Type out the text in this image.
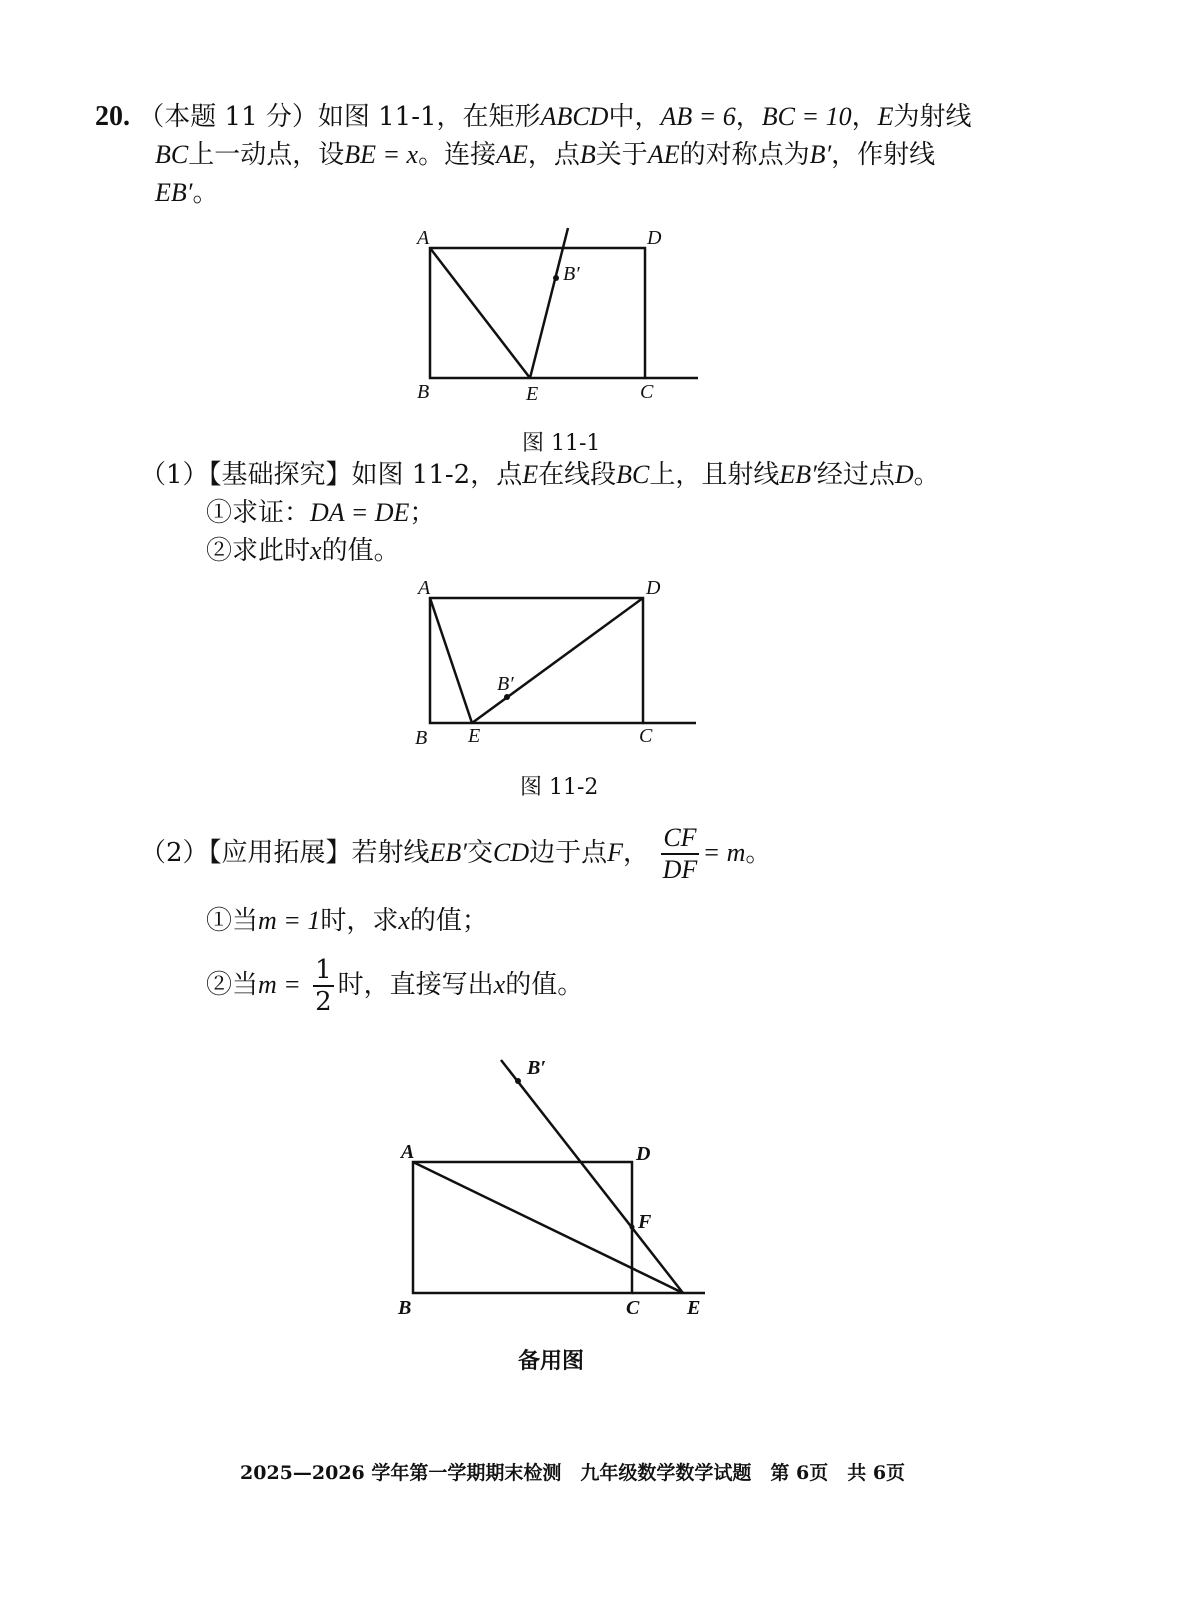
20. （本题 11 分）如图 11-1，在矩形ABCD中，AB = 6，BC = 10，E为射线
BC上一动点，设BE = x。连接AE，点B关于AE的对称点为B′，作射线
EB′。
A	D
B	E	C
B′
图 11-1
（1）【基础探究】如图 11-2，点E在线段BC上，且射线EB′经过点D。
①求证：DA = DE；
②求此时x的值。
A	D
B E	C
B′
图 11-2
（2）【应用拓展】若射线EB′交CD边于点F， $\frac{CF}{DF} = m$。
①当m = 1时，求x的值；
②当$m = \frac{1}{2}$ 时，直接写出x的值。
A	D
F
B	C E
B′
备用图
2025—2026 学年第一学期期末检测　九年级数学数学试题　第 6页　共 6页
